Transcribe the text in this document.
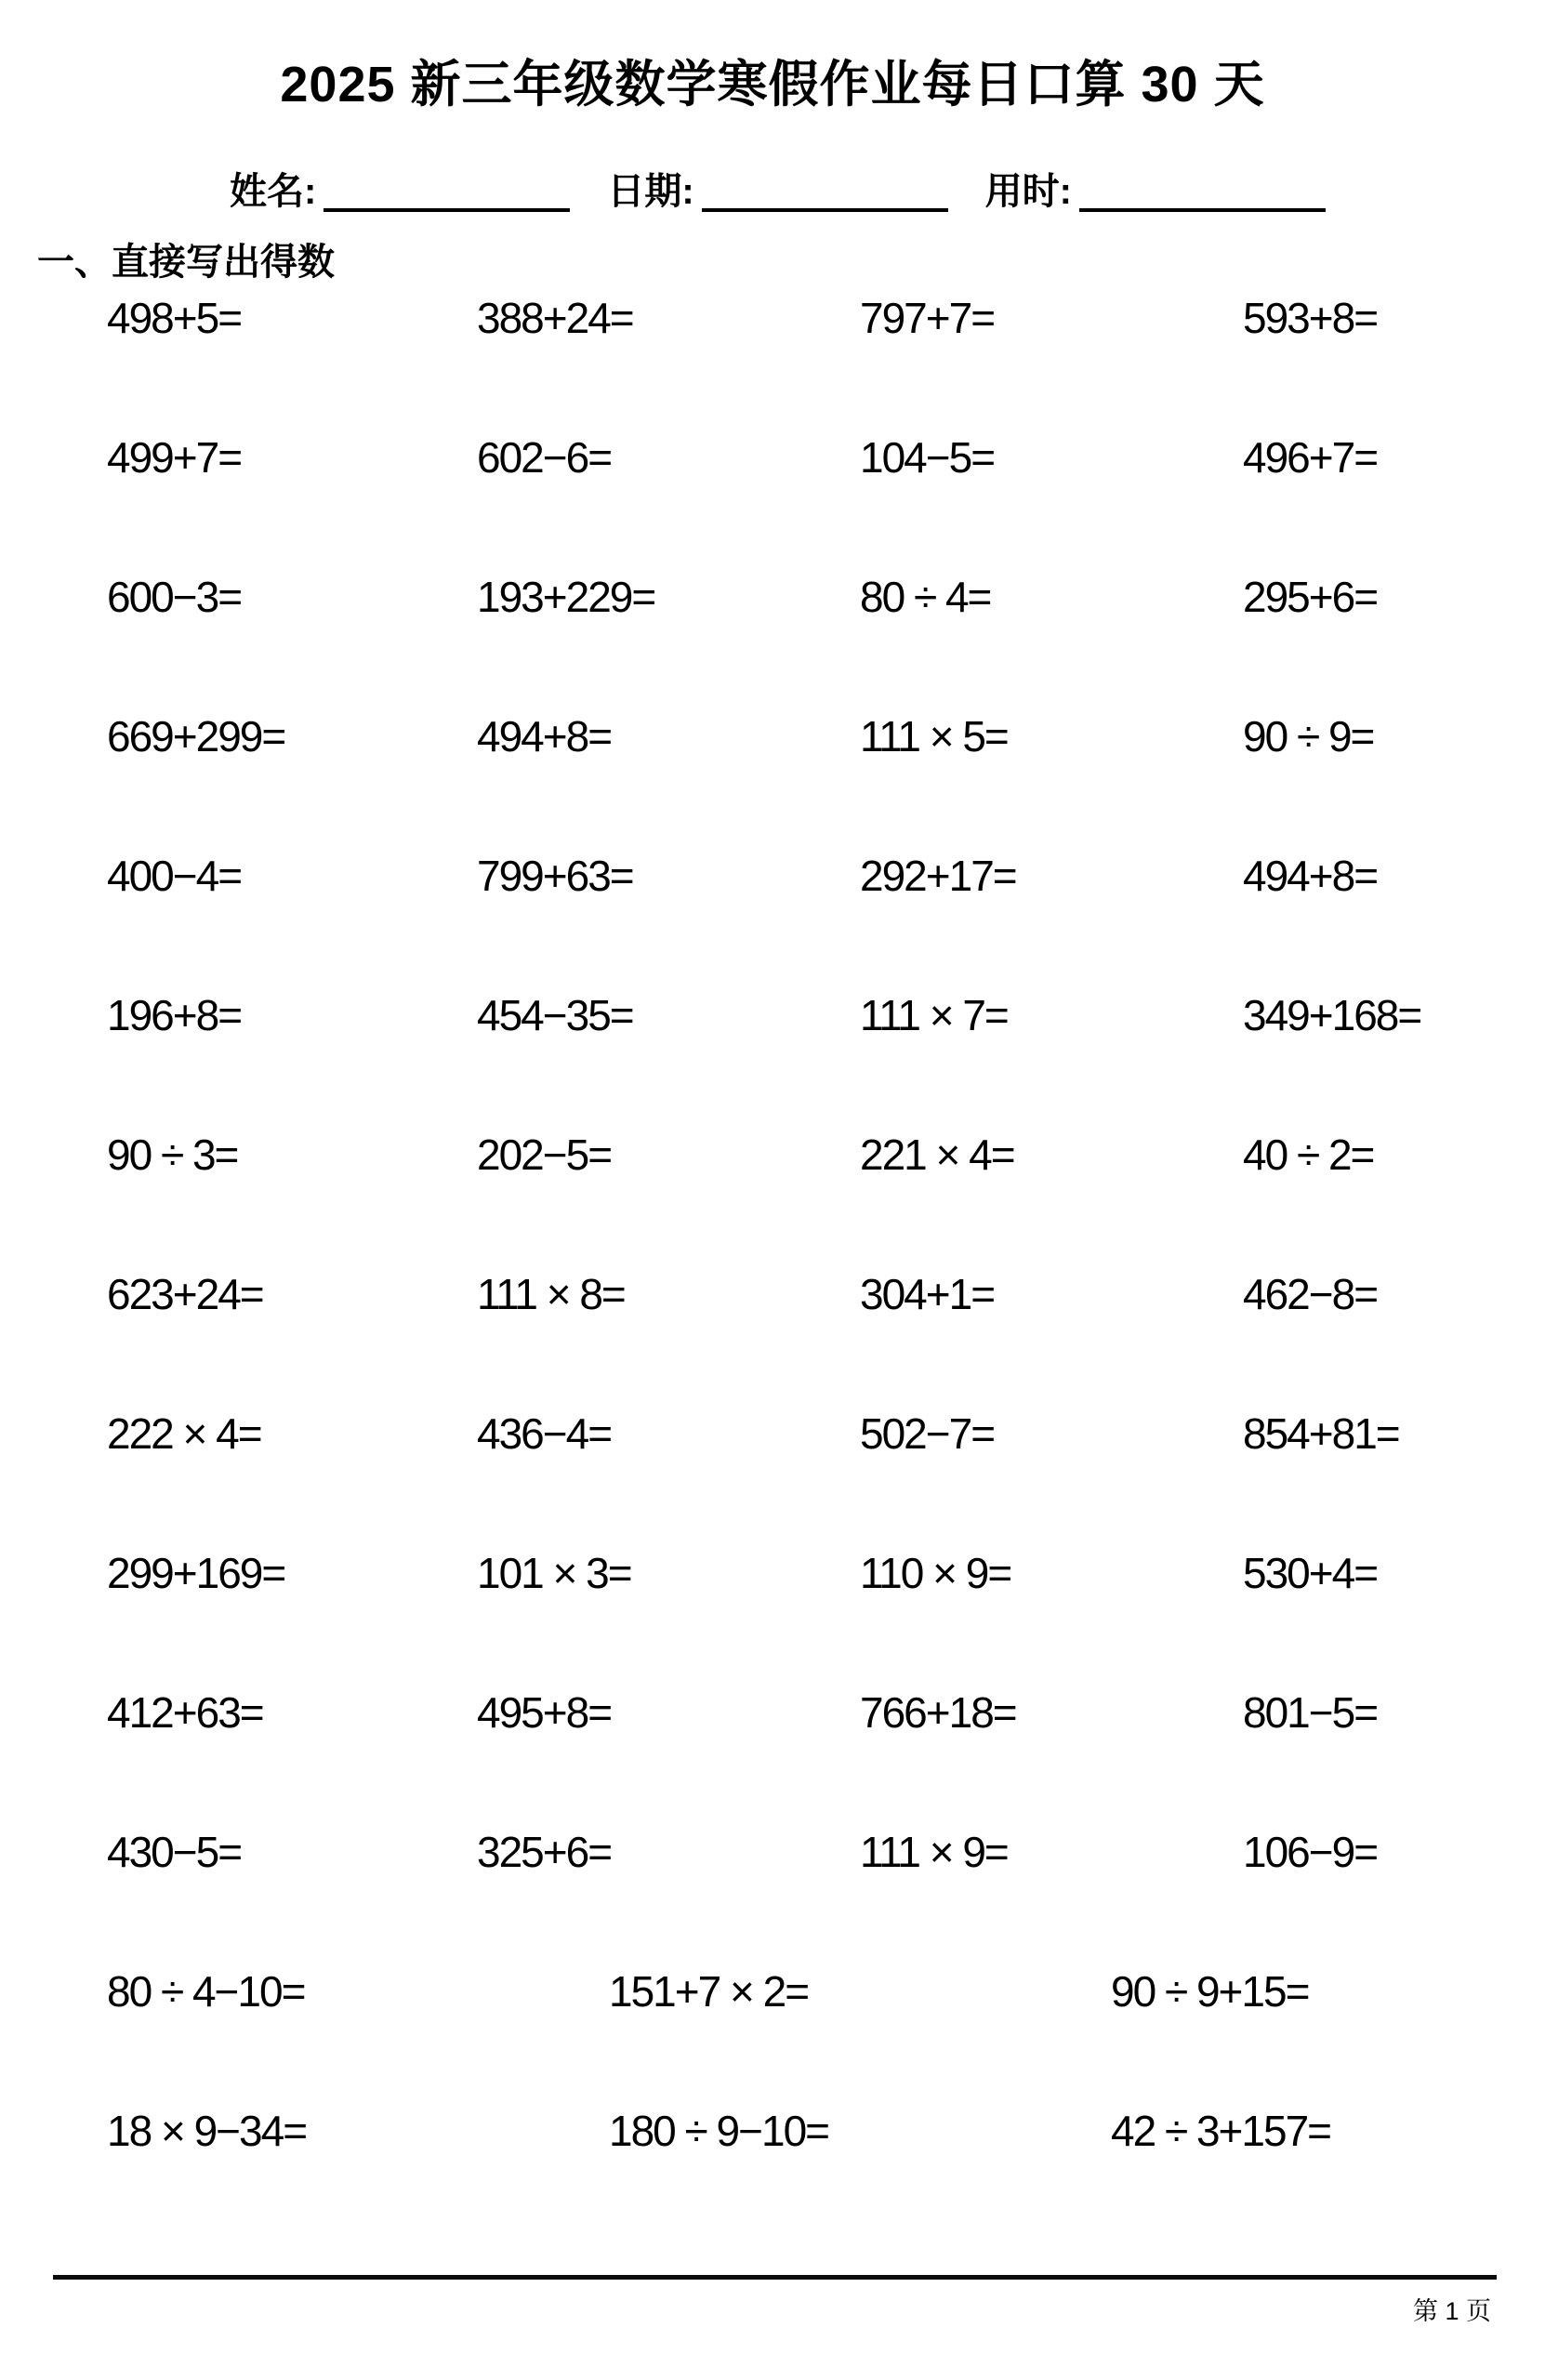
2025 新三年级数学寒假作业每日口算 30 天
姓名:	日期:	用时:
一、直接写出得数
498+5=	388+24=	797+7=	593+8=
499+7=	602−6=	104−5=	496+7=
600−3=	193+229=	80 ÷ 4=	295+6=
669+299=	494+8=	111 × 5=	90 ÷ 9=
400−4=	799+63=	292+17=	494+8=
196+8=	454−35=	111 × 7=	349+168=
90 ÷ 3=	202−5=	221 × 4=	40 ÷ 2=
623+24=	111 × 8=	304+1=	462−8=
222 × 4=	436−4=	502−7=	854+81=
299+169=	101 × 3=	110 × 9=	530+4=
412+63=	495+8=	766+18=	801−5=
430−5=	325+6=	111 × 9=	106−9=
80 ÷ 4−10=	151+7 × 2=	90 ÷ 9+15=
18 × 9−34=	180 ÷ 9−10=	42 ÷ 3+157=
第 1 页
